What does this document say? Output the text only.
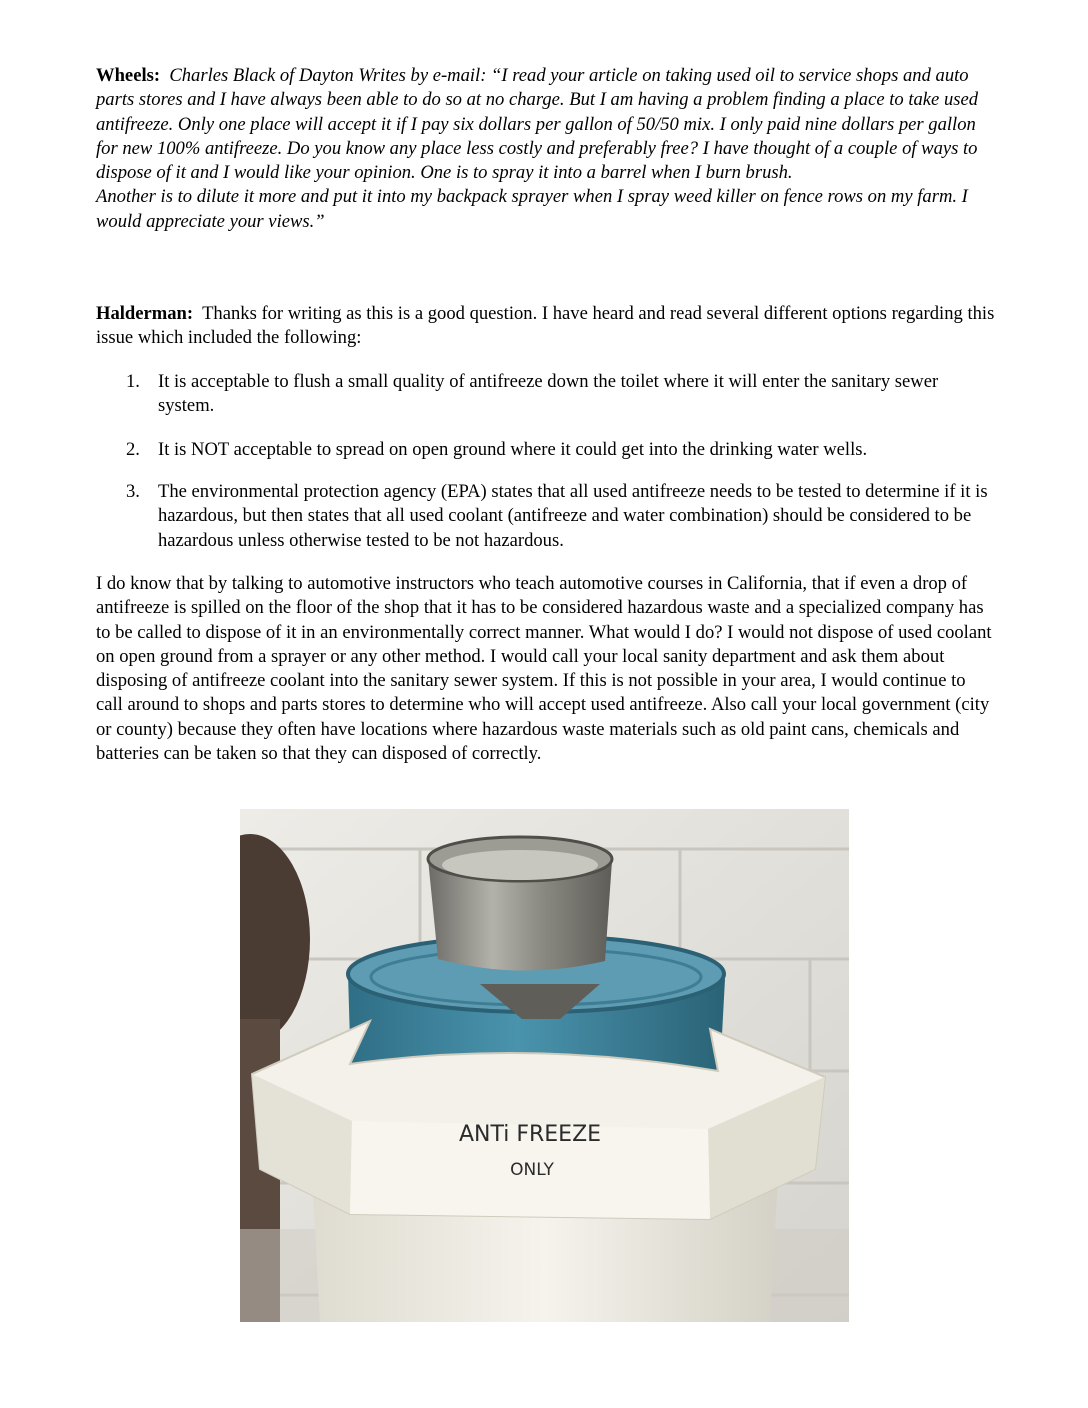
Wheels: Charles Black of Dayton Writes by e-mail: “I read your article on taking used oil to service shops and auto parts stores and I have always been able to do so at no charge. But I am having a problem finding a place to take used antifreeze. Only one place will accept it if I pay six dollars per gallon of 50/50 mix. I only paid nine dollars per gallon for new 100% antifreeze. Do you know any place less costly and preferably free? I have thought of a couple of ways to dispose of it and I would like your opinion. One is to spray it into a barrel when I burn brush.
Another is to dilute it more and put it into my backpack sprayer when I spray weed killer on fence rows on my farm. I would appreciate your views.”
Halderman: Thanks for writing as this is a good question. I have heard and read several different options regarding this issue which included the following:
1. It is acceptable to flush a small quality of antifreeze down the toilet where it will enter the sanitary sewer system.
2. It is NOT acceptable to spread on open ground where it could get into the drinking water wells.
3. The environmental protection agency (EPA) states that all used antifreeze needs to be tested to determine if it is hazardous, but then states that all used coolant (antifreeze and water combination) should be considered to be hazardous unless otherwise tested to be not hazardous.
I do know that by talking to automotive instructors who teach automotive courses in California, that if even a drop of antifreeze is spilled on the floor of the shop that it has to be considered hazardous waste and a specialized company has to be called to dispose of it in an environmentally correct manner. What would I do? I would not dispose of used coolant on open ground from a sprayer or any other method. I would call your local sanity department and ask them about disposing of antifreeze coolant into the sanitary sewer system. If this is not possible in your area, I would continue to call around to shops and parts stores to determine who will accept used antifreeze. Also call your local government (city or county) because they often have locations where hazardous waste materials such as old paint cans, chemicals and batteries can be taken so that they can disposed of correctly.
ANTi FREEZE
ONLY
